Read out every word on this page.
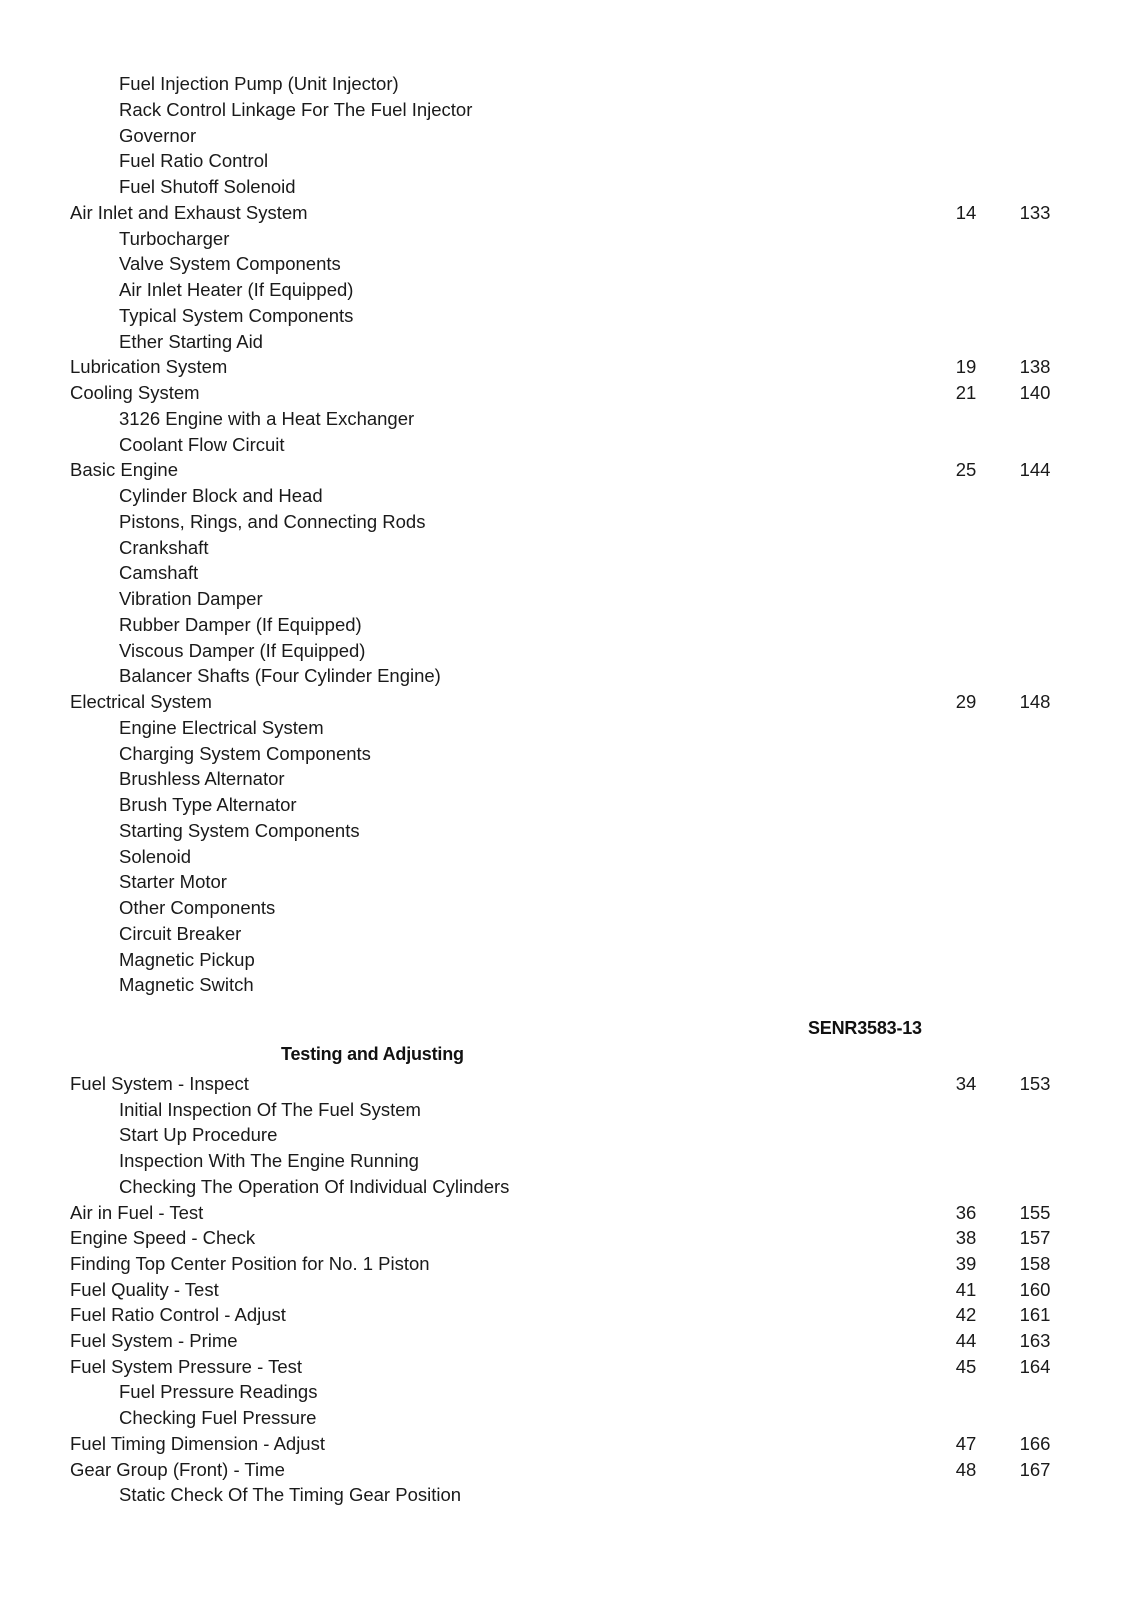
Fuel Injection Pump (Unit Injector)
Rack Control Linkage For The Fuel Injector
Governor
Fuel Ratio Control
Fuel Shutoff Solenoid
Air Inlet and Exhaust System	14	133
Turbocharger
Valve System Components
Air Inlet Heater (If Equipped)
Typical System Components
Ether Starting Aid
Lubrication System	19	138
Cooling System	21	140
3126 Engine with a Heat Exchanger
Coolant Flow Circuit
Basic Engine	25	144
Cylinder Block and Head
Pistons, Rings, and Connecting Rods
Crankshaft
Camshaft
Vibration Damper
Rubber Damper (If Equipped)
Viscous Damper (If Equipped)
Balancer Shafts (Four Cylinder Engine)
Electrical System	29	148
Engine Electrical System
Charging System Components
Brushless Alternator
Brush Type Alternator
Starting System Components
Solenoid
Starter Motor
Other Components
Circuit Breaker
Magnetic Pickup
Magnetic Switch
SENR3583-13
Testing and Adjusting
Fuel System - Inspect	34	153
Initial Inspection Of The Fuel System
Start Up Procedure
Inspection With The Engine Running
Checking The Operation Of Individual Cylinders
Air in Fuel - Test	36	155
Engine Speed - Check	38	157
Finding Top Center Position for No. 1 Piston	39	158
Fuel Quality - Test	41	160
Fuel Ratio Control - Adjust	42	161
Fuel System - Prime	44	163
Fuel System Pressure - Test	45	164
Fuel Pressure Readings
Checking Fuel Pressure
Fuel Timing Dimension - Adjust	47	166
Gear Group (Front) - Time	48	167
Static Check Of The Timing Gear Position
